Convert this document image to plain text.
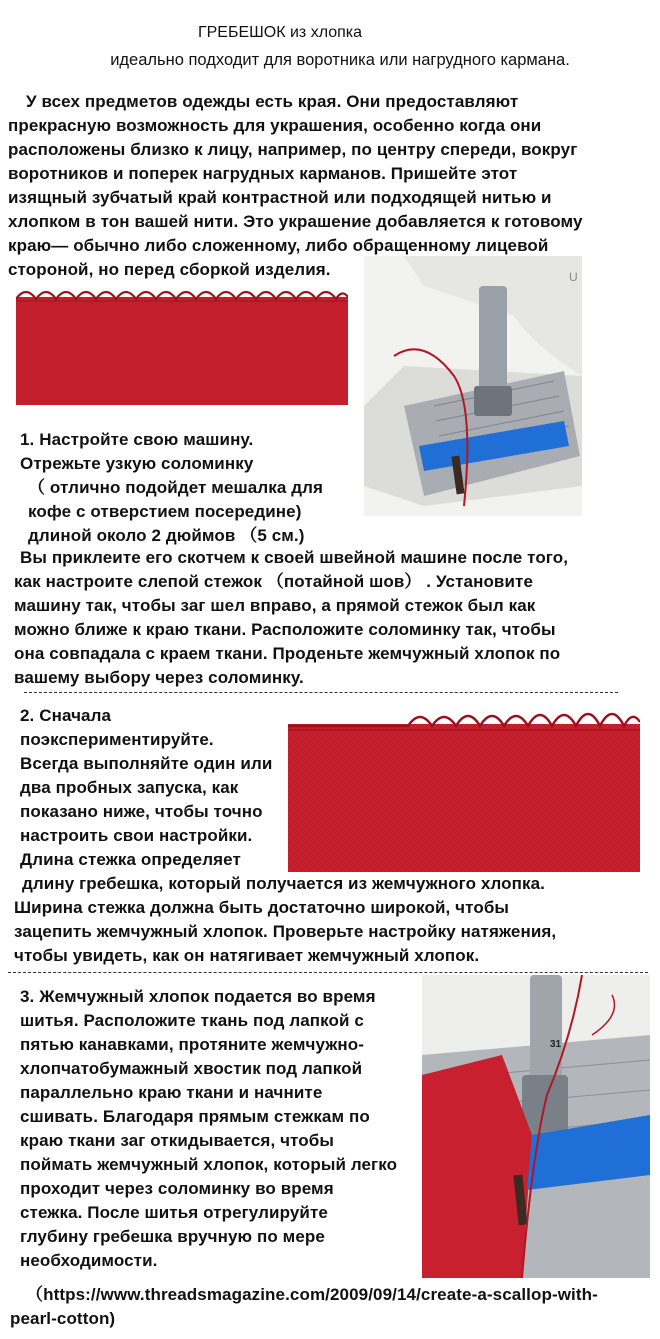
ГРЕБЕШОК из хлопка
идеально подходит для воротника или нагрудного кармана.
У всех предметов одежды есть края. Они предоставляют
прекрасную возможность для украшения, особенно когда они
расположены близко к лицу, например, по центру спереди, вокруг
воротников и поперек нагрудных карманов. Пришейте этот
изящный зубчатый край контрастной или подходящей нитью и
хлопком в тон вашей нити. Это украшение добавляется к готовому
краю— обычно либо сложенному, либо обращенному лицевой
стороной, но перед сборкой изделия.	U
1. Настройте свою машину.
Отрежьте узкую соломинку
（ отлично подойдет мешалка для
кофе с отверстием посередине)
длиной около 2 дюймов （5 см.)
Вы приклеите его скотчем к своей швейной машине после того,
как настроите слепой стежок （потайной шов） . Установите
машину так, чтобы заг шел вправо, а прямой стежок был как
можно ближе к краю ткани. Расположите соломинку так, чтобы
она совпадала с краем ткани. Проденьте жемчужный хлопок по
вашему выбору через соломинку.
2. Сначала
поэкспериментируйте.
Всегда выполняйте один или
два пробных запуска, как
показано ниже, чтобы точно
настроить свои настройки.
Длина стежка определяет
длину гребешка, который получается из жемчужного хлопка.
Ширина стежка должна быть достаточно широкой, чтобы
зацепить жемчужный хлопок. Проверьте настройку натяжения,
чтобы увидеть, как он натягивает жемчужный хлопок.
3. Жемчужный хлопок подается во время
шитья. Расположите ткань под лапкой с
пятью канавками, протяните жемчужно-
хлопчатобумажный хвостик под лапкой
параллельно краю ткани и начните
сшивать. Благодаря прямым стежкам по
краю ткани заг откидывается, чтобы
поймать жемчужный хлопок, который легко
проходит через соломинку во время
стежка. После шитья отрегулируйте
глубину гребешка вручную по мере
необходимости.
31
（https://www.threadsmagazine.com/2009/09/14/create-a-scallop-with-
pearl-cotton)
